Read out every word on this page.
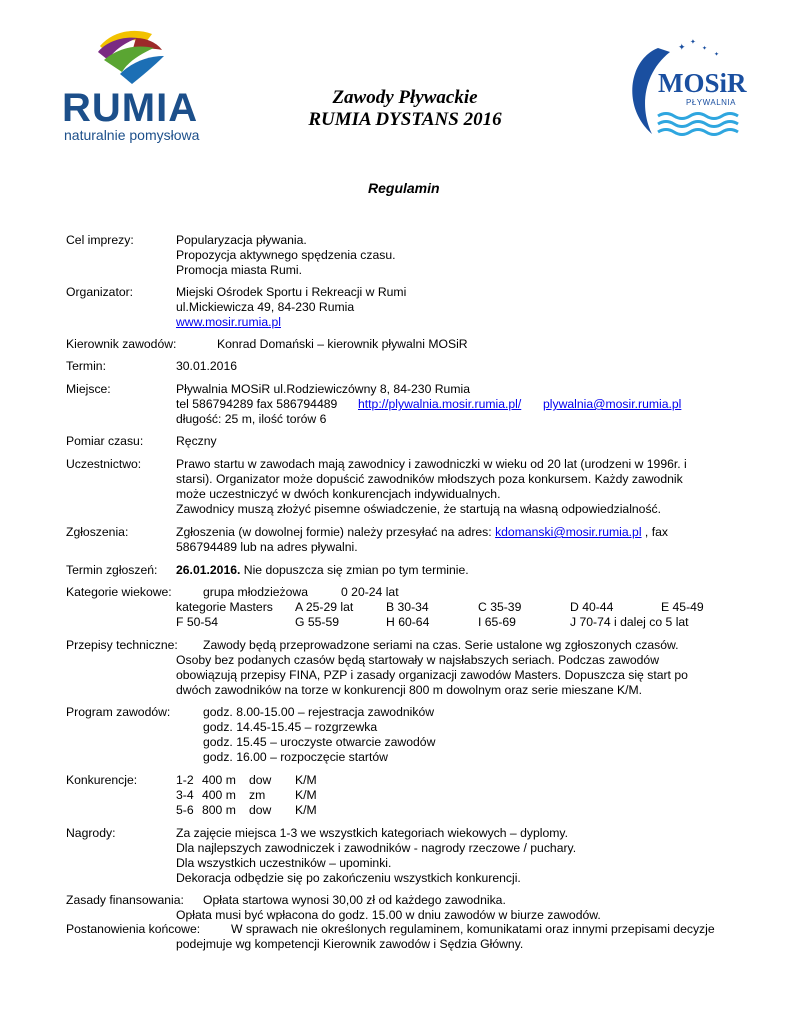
RUMIA
naturalnie pomysłowa
Zawody Pływackie
RUMIA DYSTANS 2016
✦
✦
✦
✦
MOSiR
PŁYWALNIA
Regulamin
Cel imprezy:	Popularyzacja pływania.
Propozycja aktywnego spędzenia czasu.
Promocja miasta Rumi.
Organizator:	Miejski Ośrodek Sportu i Rekreacji w Rumi
ul.Mickiewicza 49, 84-230 Rumia
www.mosir.rumia.pl
Kierownik zawodów:	Konrad Domański – kierownik pływalni MOSiR
Termin:	30.01.2016
Miejsce:	Pływalnia MOSiR ul.Rodziewiczówny 8, 84-230 Rumia
tel 586794289 fax 586794489 http://plywalnia.mosir.rumia.pl/ plywalnia@mosir.rumia.pl
długość: 25 m, ilość torów 6
Pomiar czasu:	Ręczny
Uczestnictwo:	Prawo startu w zawodach mają zawodnicy i zawodniczki w wieku od 20 lat (urodzeni w 1996r. i
starsi). Organizator może dopuścić zawodników młodszych poza konkursem. Każdy zawodnik
może uczestniczyć w dwóch konkurencjach indywidualnych.
Zawodnicy muszą złożyć pisemne oświadczenie, że startują na własną odpowiedzialność.
Zgłoszenia:	Zgłoszenia (w dowolnej formie) należy przesyłać na adres: kdomanski@mosir.rumia.pl , fax
586794489 lub na adres pływalni.
Termin zgłoszeń: 26.01.2016. Nie dopuszcza się zmian po tym terminie.
Kategorie wiekowe:	grupa młodzieżowa	0 20-24 lat
kategorie Masters A 25-29 lat	B 30-34	C 35-39	D 40-44	E 45-49
F 50-54	G 55-59	H 60-64	I 65-69	J 70-74 i dalej co 5 lat
Przepisy techniczne: Zawody będą przeprowadzone seriami na czas. Serie ustalone wg zgłoszonych czasów.
Osoby bez podanych czasów będą startowały w najsłabszych seriach. Podczas zawodów
obowiązują przepisy FINA, PZP i zasady organizacji zawodów Masters. Dopuszcza się start po
dwóch zawodników na torze w konkurencji 800 m dowolnym oraz serie mieszane K/M.
Program zawodów:	godz. 8.00-15.00 – rejestracja zawodników
godz. 14.45-15.45 – rozgrzewka
godz. 15.45 – uroczyste otwarcie zawodów
godz. 16.00 – rozpoczęcie startów
Konkurencje:	1-2 400 m dow K/M
3-4 400 m zm K/M
5-6 800 m dow K/M
Nagrody:	Za zajęcie miejsca 1-3 we wszystkich kategoriach wiekowych – dyplomy.
Dla najlepszych zawodniczek i zawodników - nagrody rzeczowe / puchary.
Dla wszystkich uczestników – upominki.
Dekoracja odbędzie się po zakończeniu wszystkich konkurencji.
Zasady finansowania: Opłata startowa wynosi 30,00 zł od każdego zawodnika.
Opłata musi być wpłacona do godz. 15.00 w dniu zawodów w biurze zawodów.
Postanowienia końcowe:	W sprawach nie określonych regulaminem, komunikatami oraz innymi przepisami decyzje
podejmuje wg kompetencji Kierownik zawodów i Sędzia Główny.
